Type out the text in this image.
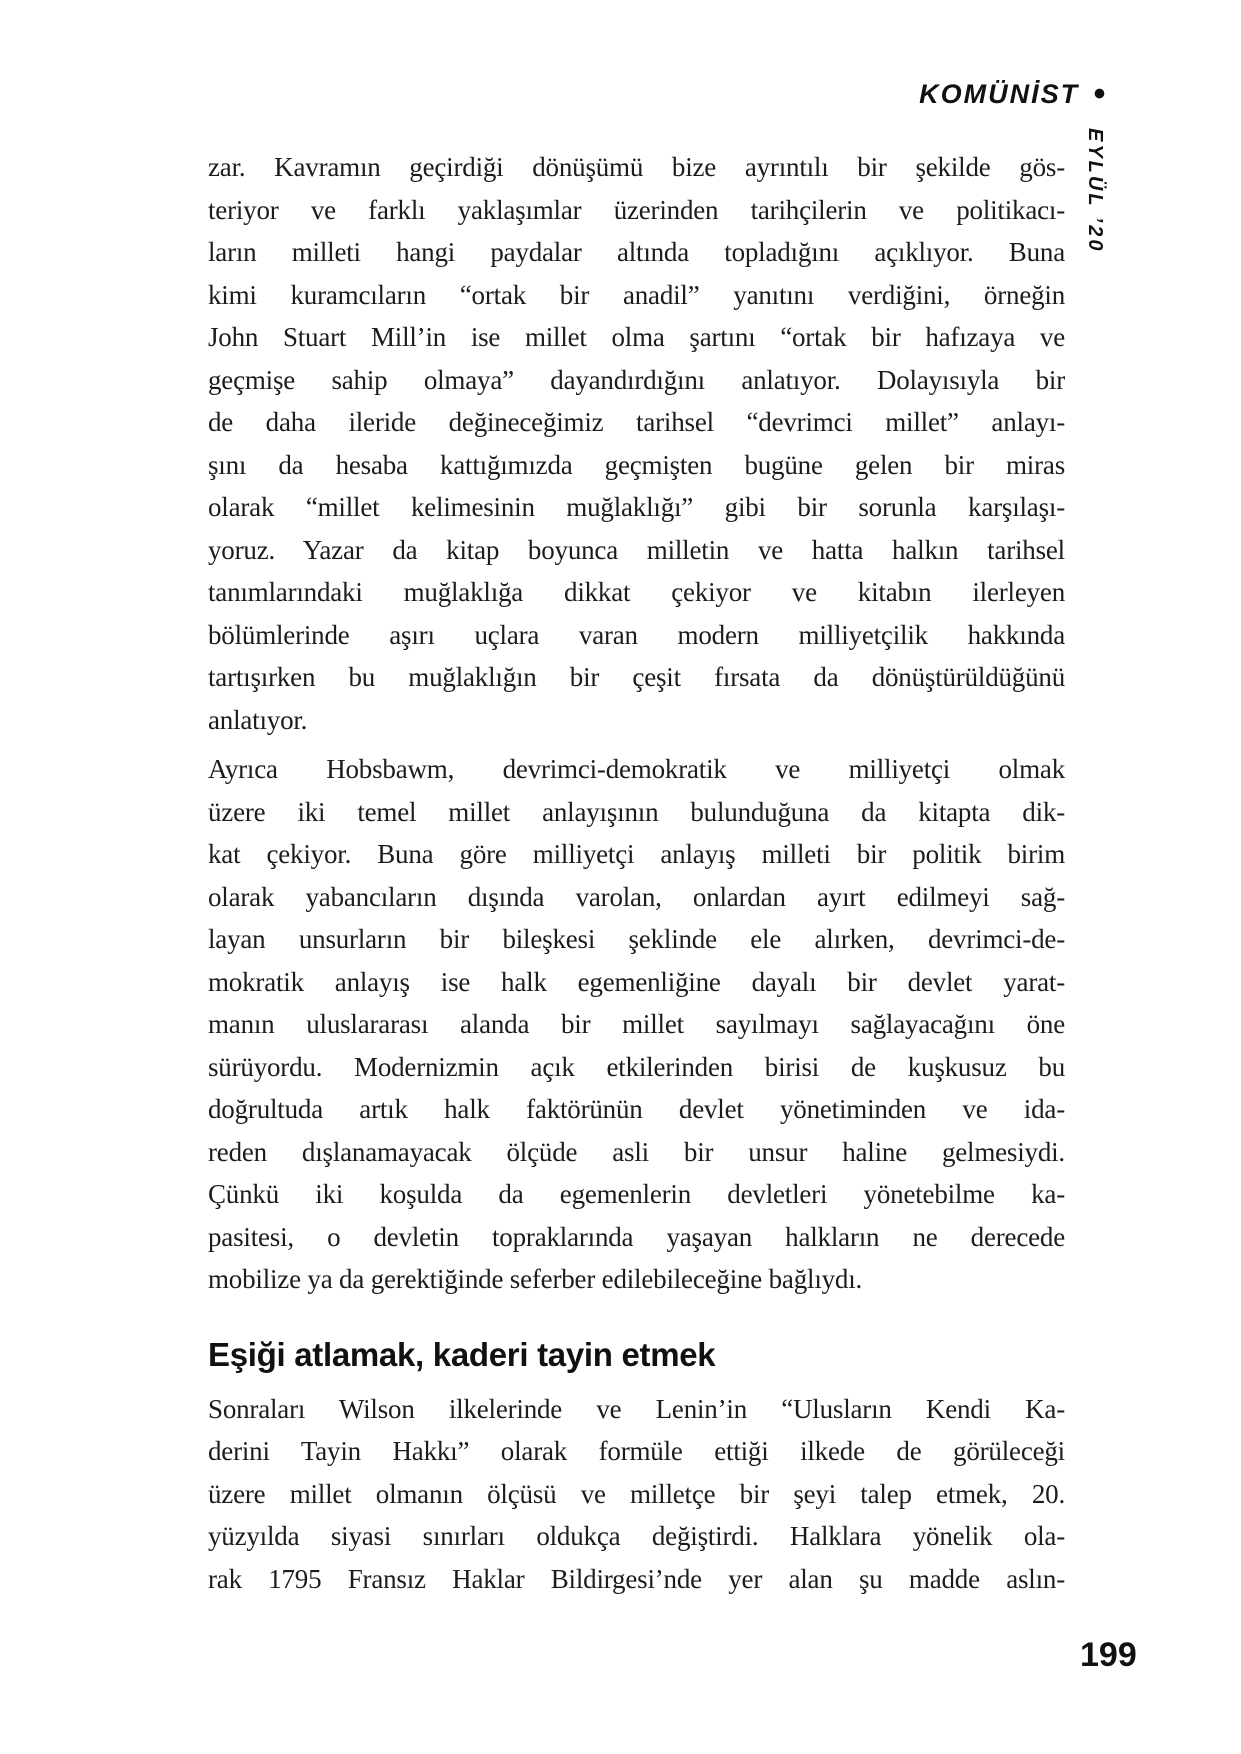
KOMÜNİST •
EYLÜL ’20
zar. Kavramın geçirdiği dönüşümü bize ayrıntılı bir şekilde gös-
teriyor ve farklı yaklaşımlar üzerinden tarihçilerin ve politikacı-
ların milleti hangi paydalar altında topladığını açıklıyor. Buna
kimi kuramcıların “ortak bir anadil” yanıtını verdiğini, örneğin
John Stuart Mill’in ise millet olma şartını “ortak bir hafızaya ve
geçmişe sahip olmaya” dayandırdığını anlatıyor. Dolayısıyla bir
de daha ileride değineceğimiz tarihsel “devrimci millet” anlayı-
şını da hesaba kattığımızda geçmişten bugüne gelen bir miras
olarak “millet kelimesinin muğlaklığı” gibi bir sorunla karşılaşı-
yoruz. Yazar da kitap boyunca milletin ve hatta halkın tarihsel
tanımlarındaki muğlaklığa dikkat çekiyor ve kitabın ilerleyen
bölümlerinde aşırı uçlara varan modern milliyetçilik hakkında
tartışırken bu muğlaklığın bir çeşit fırsata da dönüştürüldüğünü
anlatıyor.
Ayrıca Hobsbawm, devrimci-demokratik ve milliyetçi olmak
üzere iki temel millet anlayışının bulunduğuna da kitapta dik-
kat çekiyor. Buna göre milliyetçi anlayış milleti bir politik birim
olarak yabancıların dışında varolan, onlardan ayırt edilmeyi sağ-
layan unsurların bir bileşkesi şeklinde ele alırken, devrimci-de-
mokratik anlayış ise halk egemenliğine dayalı bir devlet yarat-
manın uluslararası alanda bir millet sayılmayı sağlayacağını öne
sürüyordu. Modernizmin açık etkilerinden birisi de kuşkusuz bu
doğrultuda artık halk faktörünün devlet yönetiminden ve ida-
reden dışlanamayacak ölçüde asli bir unsur haline gelmesiydi.
Çünkü iki koşulda da egemenlerin devletleri yönetebilme ka-
pasitesi, o devletin topraklarında yaşayan halkların ne derecede
mobilize ya da gerektiğinde seferber edilebileceğine bağlıydı.
Eşiği atlamak, kaderi tayin etmek
Sonraları Wilson ilkelerinde ve Lenin’in “Ulusların Kendi Ka-
derini Tayin Hakkı” olarak formüle ettiği ilkede de görüleceği
üzere millet olmanın ölçüsü ve milletçe bir şeyi talep etmek, 20.
yüzyılda siyasi sınırları oldukça değiştirdi. Halklara yönelik ola-
rak 1795 Fransız Haklar Bildirgesi’nde yer alan şu madde aslın-
199
